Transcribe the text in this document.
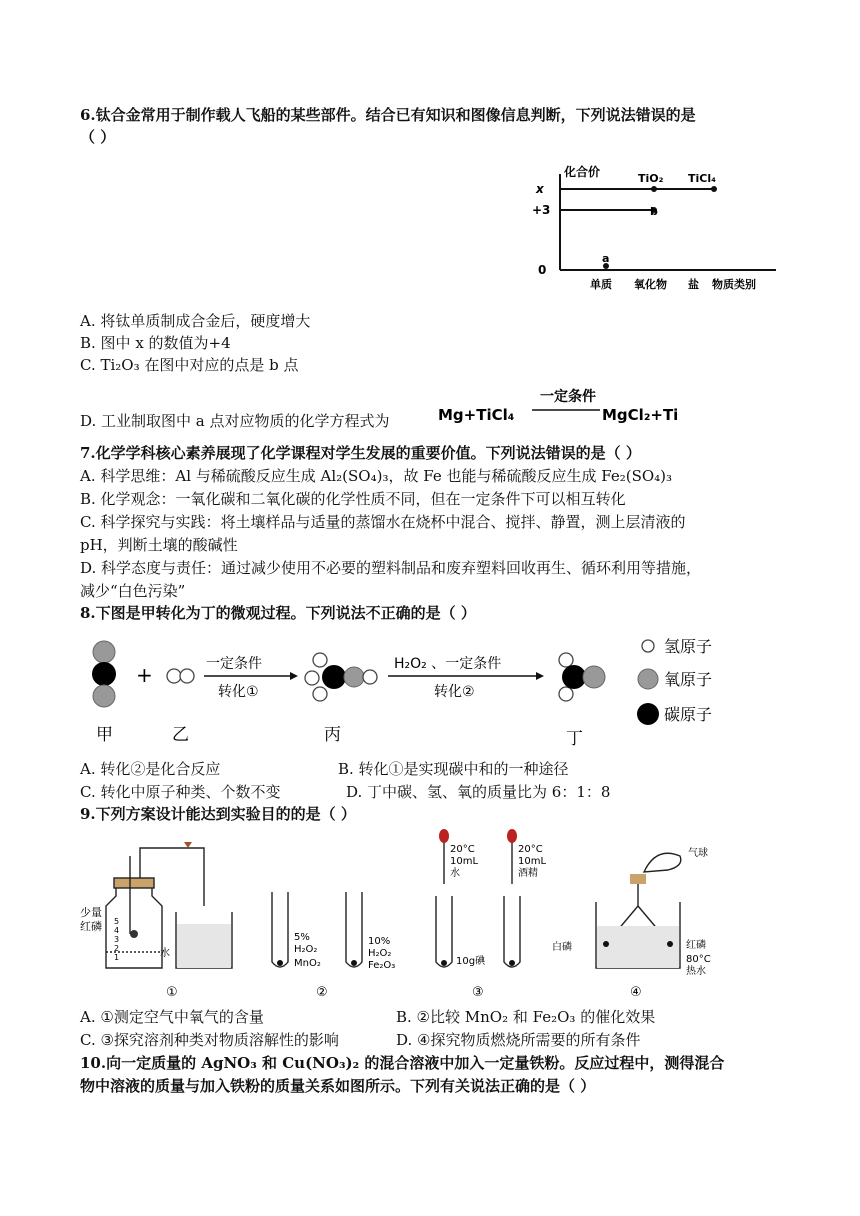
6.钛合金常用于制作载人飞船的某些部件。结合已有知识和图像信息判断，下列说法错误的是
（ ）
化合价
x
+3
0
TiO₂ TiCl₄
b
a
单质 氧化物 盐 物质类别
A. 将钛单质制成合金后，硬度增大
B. 图中 x 的数值为+4
C. Ti₂O₃ 在图中对应的点是 b 点
D. 工业制取图中 a 点对应物质的化学方程式为	Mg+TiCl₄
一定条件
MgCl₂+Ti
7.化学学科核心素养展现了化学课程对学生发展的重要价值。下列说法错误的是（ ）
A. 科学思维：Al 与稀硫酸反应生成 Al₂(SO₄)₃，故 Fe 也能与稀硫酸反应生成 Fe₂(SO₄)₃
B. 化学观念：一氧化碳和二氧化碳的化学性质不同，但在一定条件下可以相互转化
C. 科学探究与实践：将土壤样品与适量的蒸馏水在烧杯中混合、搅拌、静置，测上层清液的
pH，判断土壤的酸碱性
D. 科学态度与责任：通过减少使用不必要的塑料制品和废弃塑料回收再生、循环利用等措施，
减少“白色污染”
8.下图是甲转化为丁的微观过程。下列说法不正确的是（ ）
甲
+
乙
一定条件
转化①
丙
H₂O₂ 、一定条件
转化②
丁
氢原子
氧原子
碳原子
A. 转化②是化合反应	B. 转化①是实现碳中和的一种途径
C. 转化中原子种类、个数不变	D. 丁中碳、氢、氧的质量比为 6：1：8
9.下列方案设计能达到实验目的的是（ ）
少量
红磷
水
5
4
3
2
1
①
5%
H₂O₂
MnO₂
10%
H₂O₂
Fe₂O₃
②
20°C
10mL
水
20°C
10mL
酒精
10g碘
③
气球
白磷	红磷
80°C
热水
④
A. ①测定空气中氧气的含量	B. ②比较 MnO₂ 和 Fe₂O₃ 的催化效果
C. ③探究溶剂种类对物质溶解性的影响	D. ④探究物质燃烧所需要的所有条件
10.向一定质量的 AgNO₃ 和 Cu(NO₃)₂ 的混合溶液中加入一定量铁粉。反应过程中，测得混合
物中溶液的质量与加入铁粉的质量关系如图所示。下列有关说法正确的是（ ）
